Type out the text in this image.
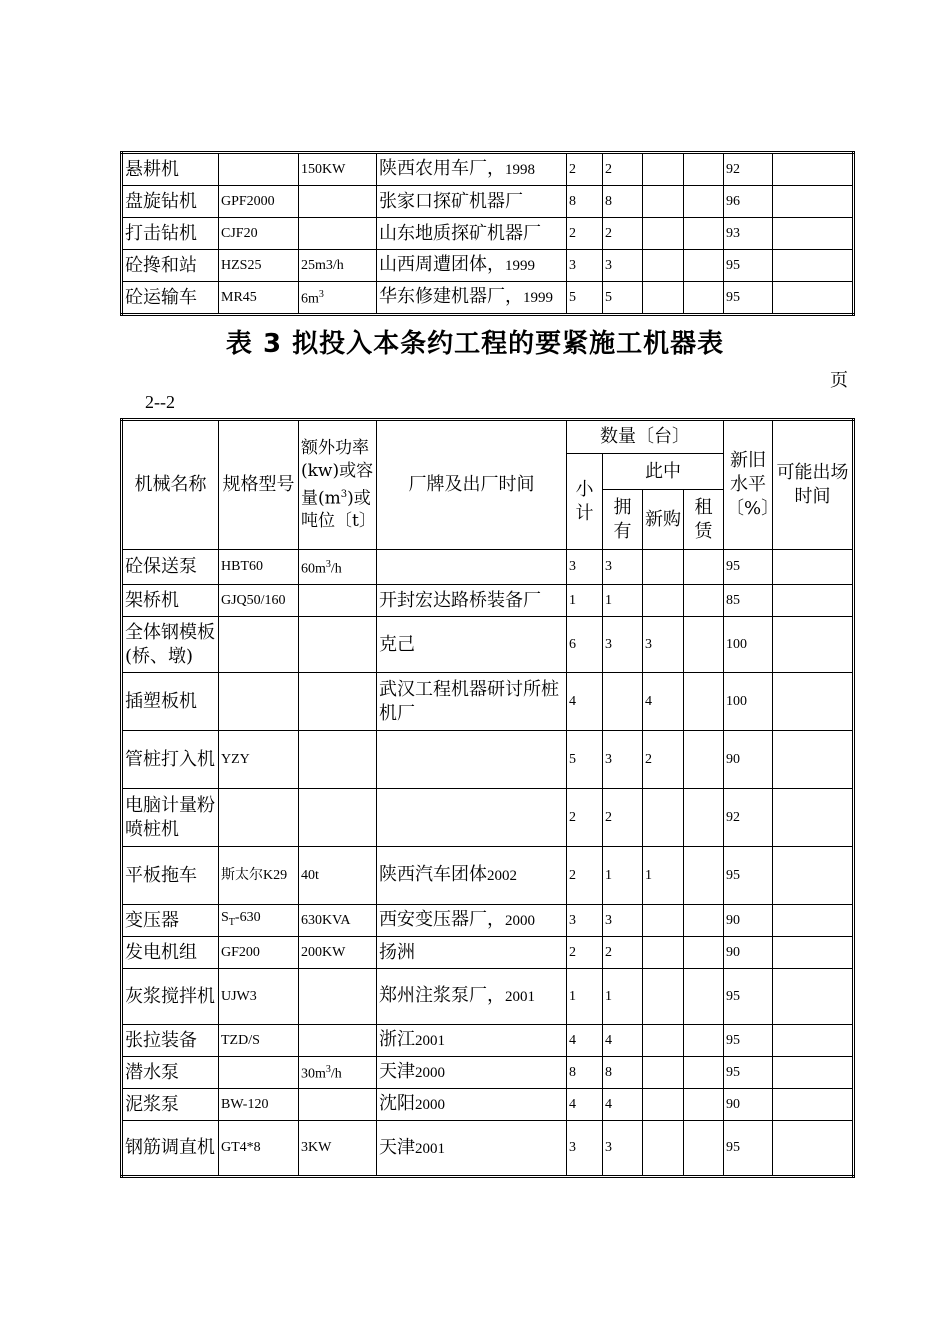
悬耕机		150KW	陕西农用车厂，1998	2	2			92	
盘旋钻机	GPF2000		张家口探矿机器厂	8	8			96	
打击钻机	CJF20		山东地质探矿机器厂	2	2			93	
砼搀和站	HZS25	25m3/h	山西周遭团体，1999	3	3			95	
砼运输车	MR45	$6m^3$	华东修建机器厂，1999	5	5			95	
表 3 拟投入本条约工程的要紧施工机器表
页
2--2
机械名称	规格型号	额外功率(kw)或容量$(m^3)$或吨位〔t〕	厂牌及出厂时间	数量〔台〕				新旧水平〔%〕	可能出场时间
				小计	此中				
					拥有	新购	租赁		
砼保送泵	HBT60	$60m^3/h$		3	3			95	
架桥机	GJQ50/160		开封宏达路桥装备厂	1	1			85	
全体钢模板(桥、墩)			克己	6	3	3		100	
插塑板机			武汉工程机器研讨所桩机厂	4		4		100	
管桩打入机	YZY			5	3	2		90	
电脑计量粉喷桩机				2	2			92	
平板拖车	斯太尔K29	40t	陕西汽车团体2002	2	1	1		95	
变压器	$S_T-630$	630KVA	西安变压器厂，2000	3	3			90	
发电机组	GF200	200KW	扬洲	2	2			90	
灰浆搅拌机	UJW3		郑州注浆泵厂，2001	1	1			95	
张拉装备	TZD/S		浙江2001	4	4			95	
潜水泵		$30m^3/h$	天津2000	8	8			95	
泥浆泵	BW-120		沈阳2000	4	4			90	
钢筋调直机	GT4*8	3KW	天津2001	3	3			95	
